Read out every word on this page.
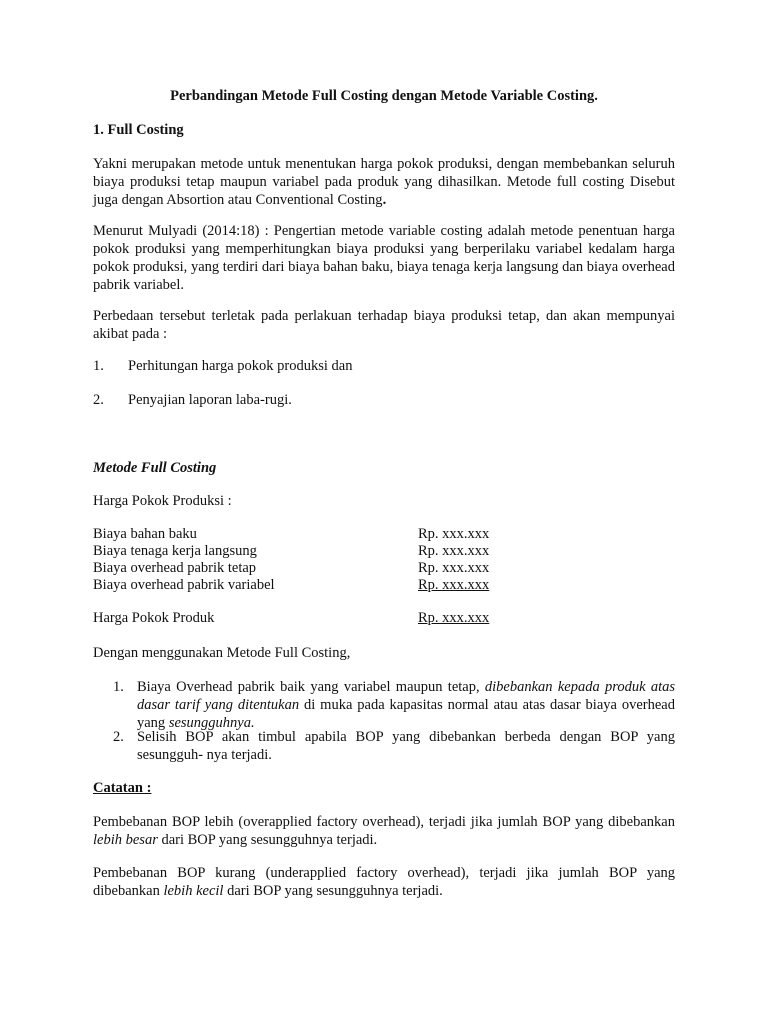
Perbandingan Metode Full Costing dengan Metode Variable Costing.
1. Full Costing
Yakni merupakan metode untuk menentukan harga pokok produksi, dengan membebankan seluruh biaya produksi tetap maupun variabel pada produk yang dihasilkan. Metode full costing Disebut juga dengan Absortion atau Conventional Costing.
Menurut Mulyadi (2014:18) : Pengertian metode variable costing adalah metode penentuan harga pokok produksi yang memperhitungkan biaya produksi yang berperilaku variabel kedalam harga pokok produksi, yang terdiri dari biaya bahan baku, biaya tenaga kerja langsung dan biaya overhead pabrik variabel.
Perbedaan tersebut terletak pada perlakuan terhadap biaya produksi tetap, dan akan mempunyai akibat pada :
1. Perhitungan harga pokok produksi dan
2. Penyajian laporan laba-rugi.
Metode Full Costing
Harga Pokok Produksi :
Biaya bahan baku	Rp. xxx.xxx
Biaya tenaga kerja langsung	Rp. xxx.xxx
Biaya overhead pabrik tetap	Rp. xxx.xxx
Biaya overhead pabrik variabel	Rp. xxx.xxx
Harga Pokok Produk	Rp. xxx.xxx
Dengan menggunakan Metode Full Costing,
1. Biaya Overhead pabrik baik yang variabel maupun tetap, dibebankan kepada produk atas dasar tarif yang ditentukan di muka pada kapasitas normal atau atas dasar biaya overhead yang sesungguhnya.
2. Selisih BOP akan timbul apabila BOP yang dibebankan berbeda dengan BOP yang sesungguh- nya terjadi.
Catatan :
Pembebanan BOP lebih (overapplied factory overhead), terjadi jika jumlah BOP yang dibebankan lebih besar dari BOP yang sesungguhnya terjadi.
Pembebanan BOP kurang (underapplied factory overhead), terjadi jika jumlah BOP yang dibebankan lebih kecil dari BOP yang sesungguhnya terjadi.
